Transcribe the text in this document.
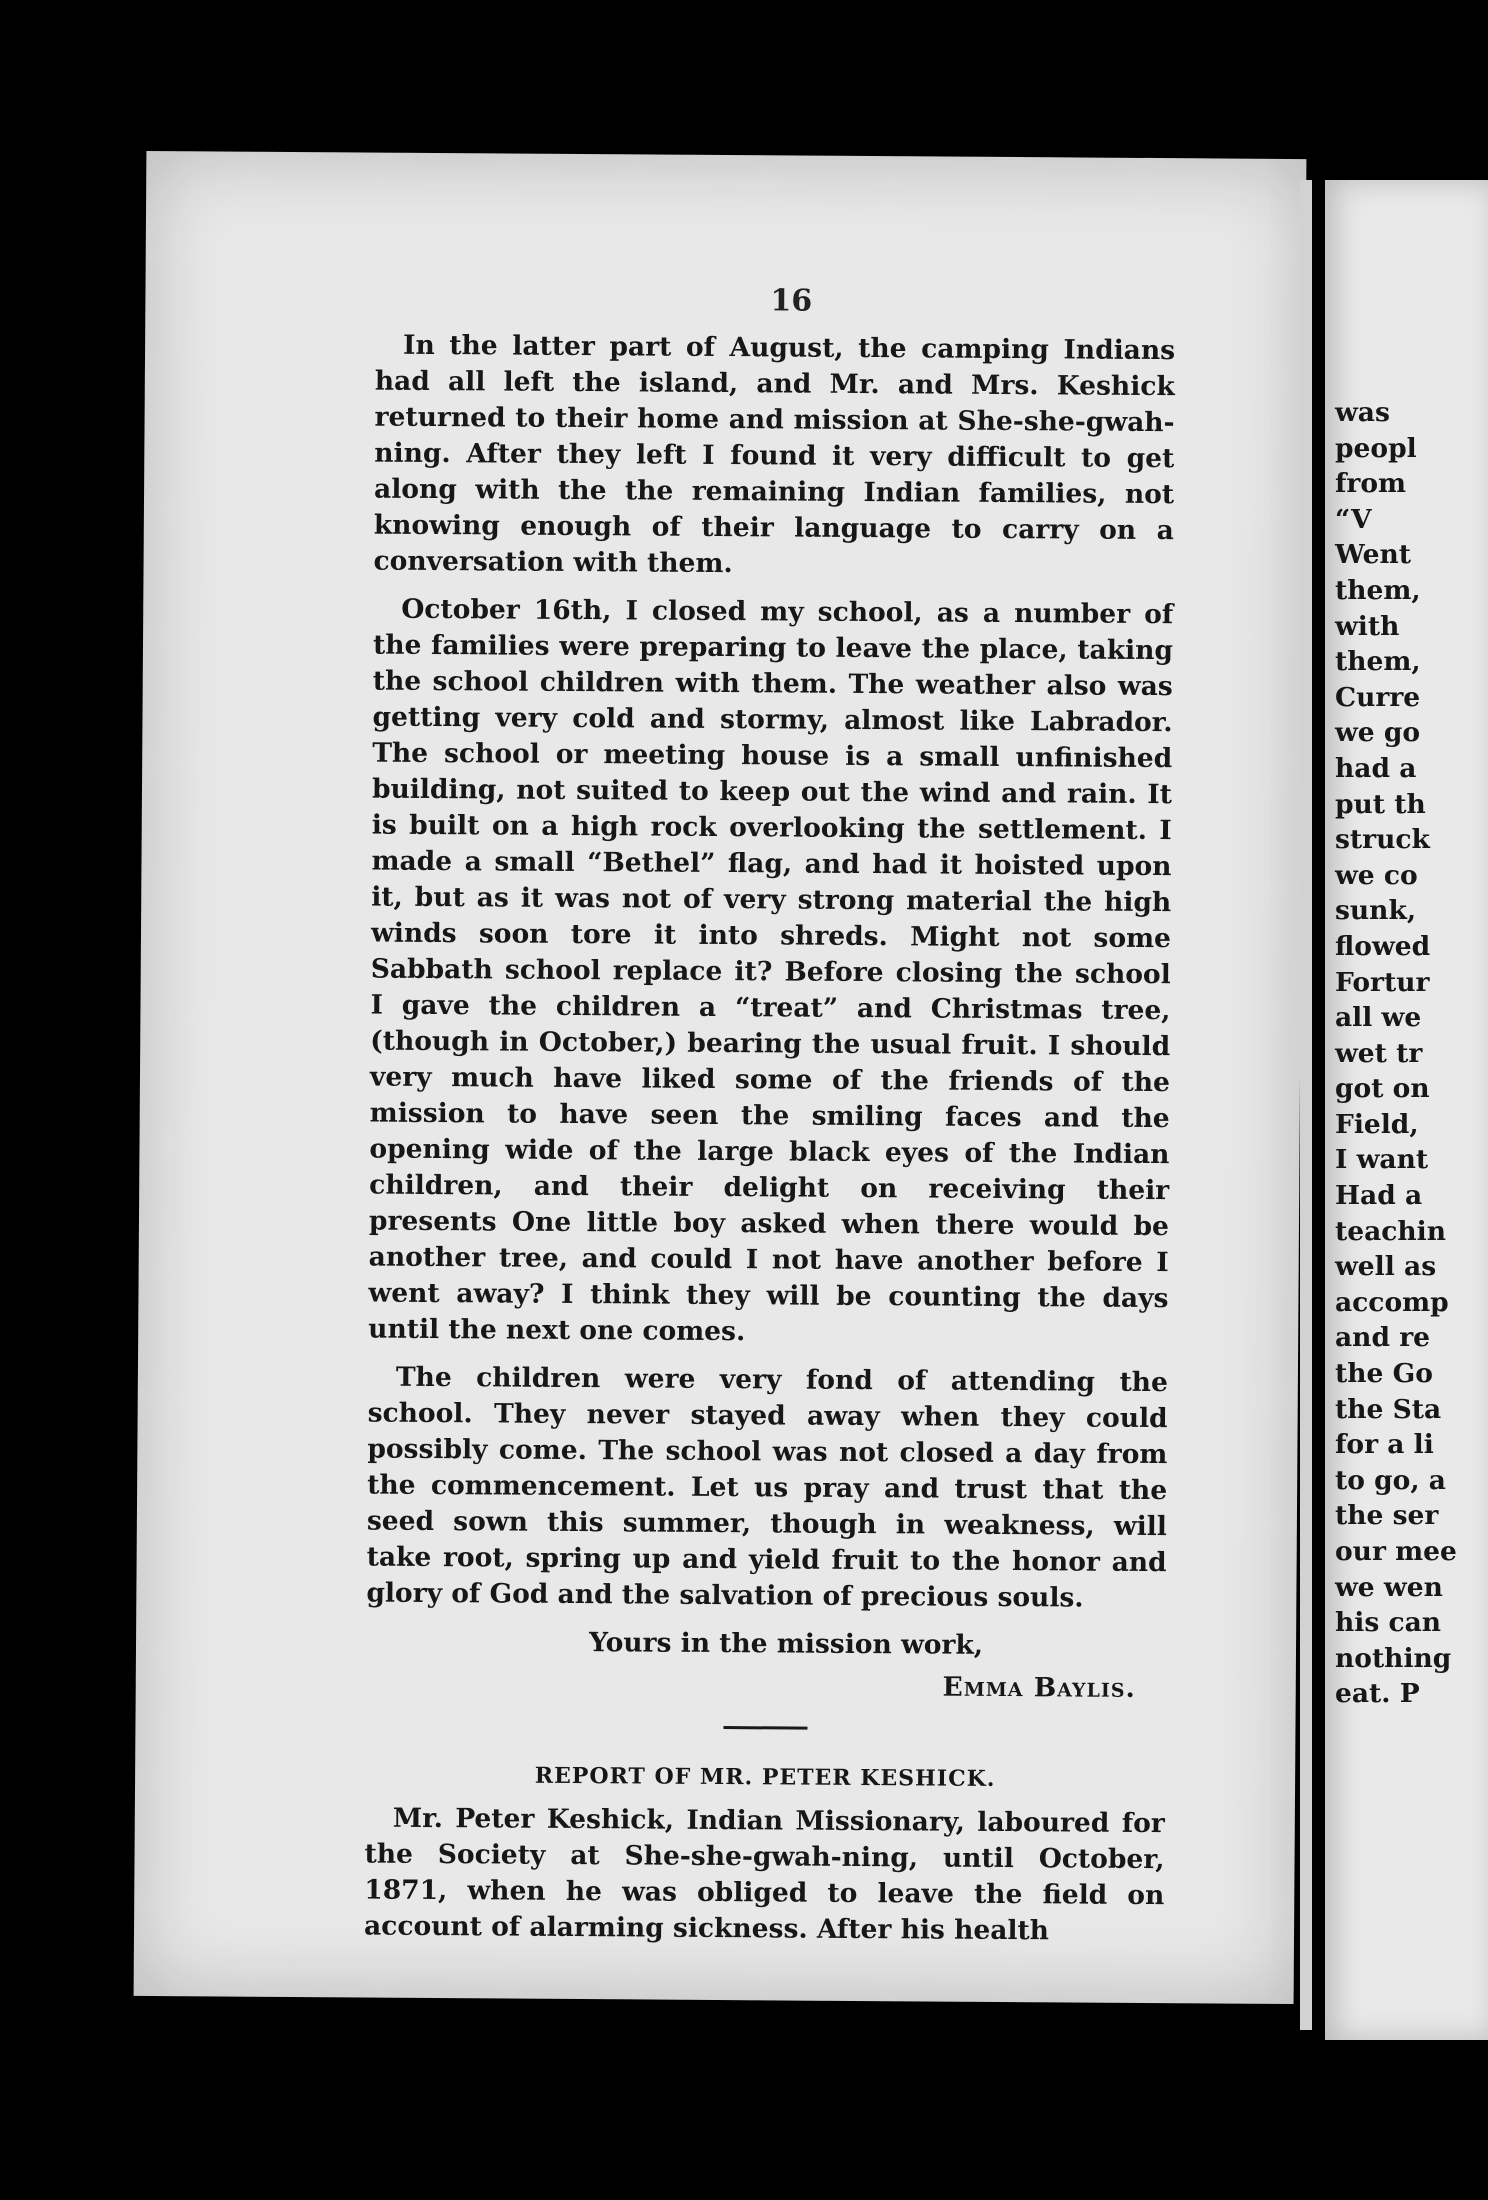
16

In the latter part of August, the camping Indians had all left the island, and Mr. and Mrs. Keshick returned to their home and mission at She-she-gwah-ning. After they left I found it very difficult to get along with the the remaining Indian families, not knowing enough of their language to carry on a conversation with them.

October 16th, I closed my school, as a number of the families were preparing to leave the place, taking the school children with them. The weather also was getting very cold and stormy, almost like Labrador. The school or meeting house is a small unfinished building, not suited to keep out the wind and rain. It is built on a high rock overlooking the settlement. I made a small “Bethel” flag, and had it hoisted upon it, but as it was not of very strong material the high winds soon tore it into shreds. Might not some Sabbath school replace it? Before closing the school I gave the children a “treat” and Christmas tree, (though in October,) bearing the usual fruit. I should very much have liked some of the friends of the mission to have seen the smiling faces and the opening wide of the large black eyes of the Indian children, and their delight on receiving their presents One little boy asked when there would be another tree, and could I not have another before I went away? I think they will be counting the days until the next one comes.

The children were very fond of attending the school. They never stayed away when they could possibly come. The school was not closed a day from the commencement. Let us pray and trust that the seed sown this summer, though in weakness, will take root, spring up and yield fruit to the honor and glory of God and the salvation of precious souls.

Yours in the mission work,
Emma Baylis.
REPORT OF MR. PETER KESHICK.

Mr. Peter Keshick, Indian Missionary, laboured for the Society at She-she-gwah-ning, until October, 1871, when he was obliged to leave the field on account of alarming sickness. After his health

was
peopl
from
“V
Went
them,
with
them,
Curre
we go
had a
put th
struck
we co
sunk,
flowed
Fortur
all we
wet tr
got on
Field,
I want
Had a
teachin
well as
accomp
and re
the Go
the Sta
for a li
to go, a
the ser
our mee
we wen
his can
nothing
eat. P
